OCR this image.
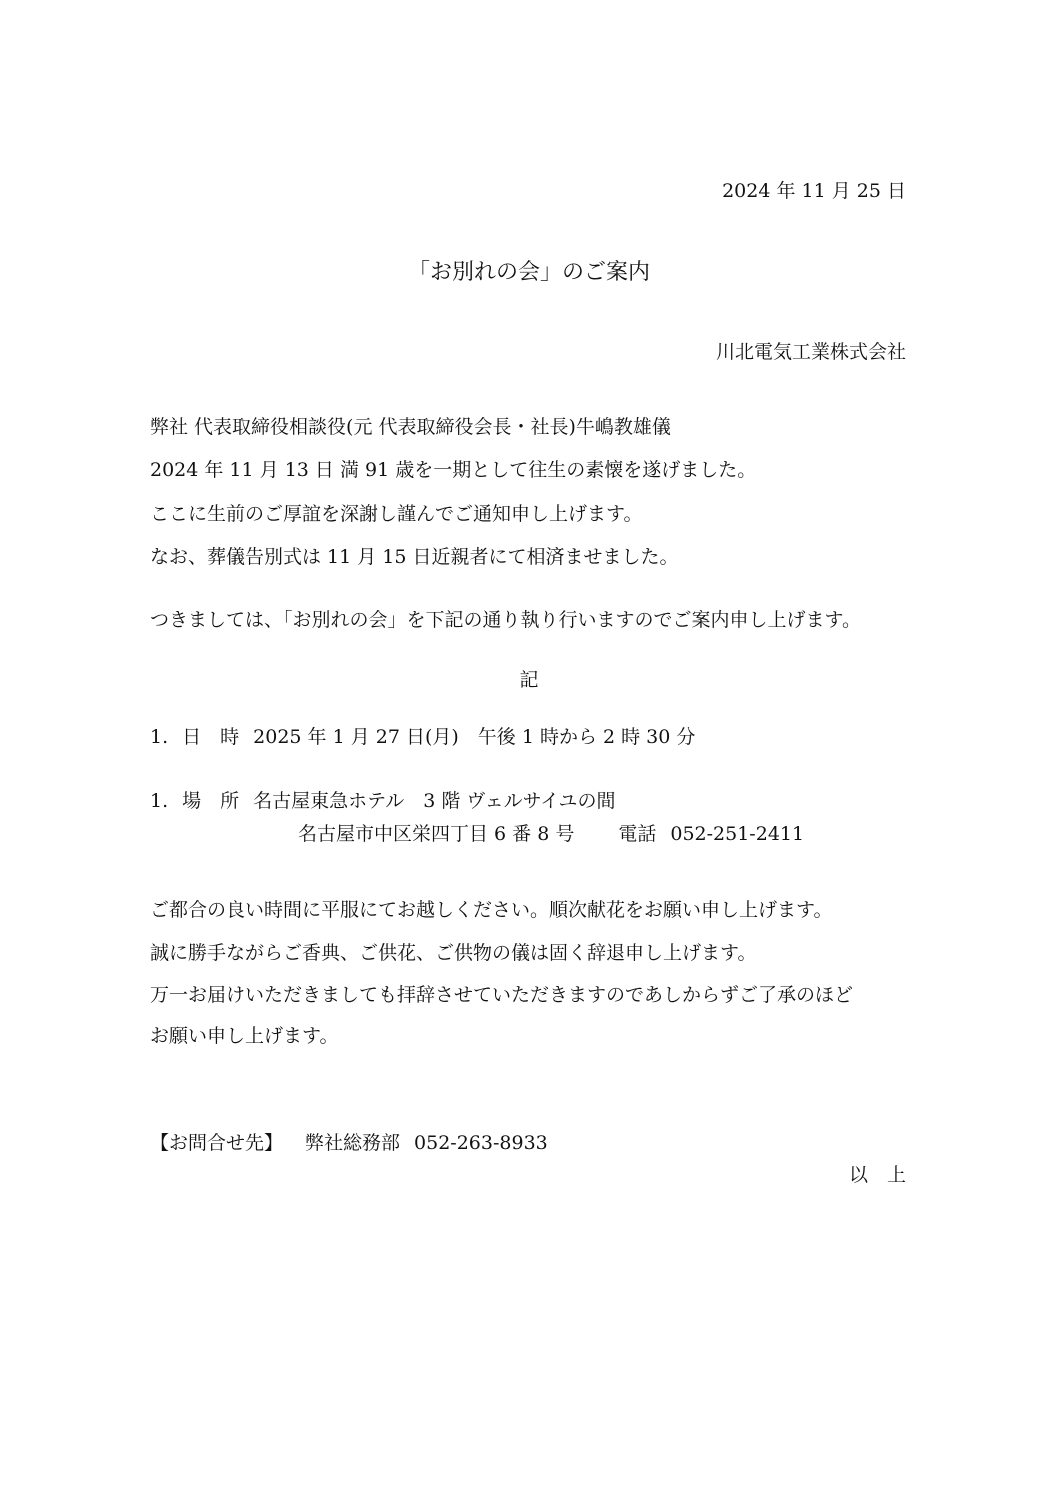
2024 年 11 月 25 日
「お別れの会」のご案内
川北電気工業株式会社
弊社 代表取締役相談役(元 代表取締役会長・社長)牛嶋教雄儀
2024 年 11 月 13 日 満 91 歳を一期として往生の素懐を遂げました。
ここに生前のご厚誼を深謝し謹んでご通知申し上げます。
なお、葬儀告別式は 11 月 15 日近親者にて相済ませました。
つきましては、「お別れの会」を下記の通り執り行いますのでご案内申し上げます。
記
1. 日　時 2025 年 1 月 27 日(月)　午後 1 時から 2 時 30 分
1. 場　所 名古屋東急ホテル　3 階 ヴェルサイユの間
名古屋市中区栄四丁目 6 番 8 号 電話 052-251-2411
ご都合の良い時間に平服にてお越しください。順次献花をお願い申し上げます。
誠に勝手ながらご香典、ご供花、ご供物の儀は固く辞退申し上げます。
万一お届けいただきましても拝辞させていただきますのであしからずご了承のほど
お願い申し上げます。
【お問合せ先】 弊社総務部 052-263-8933
以　上
